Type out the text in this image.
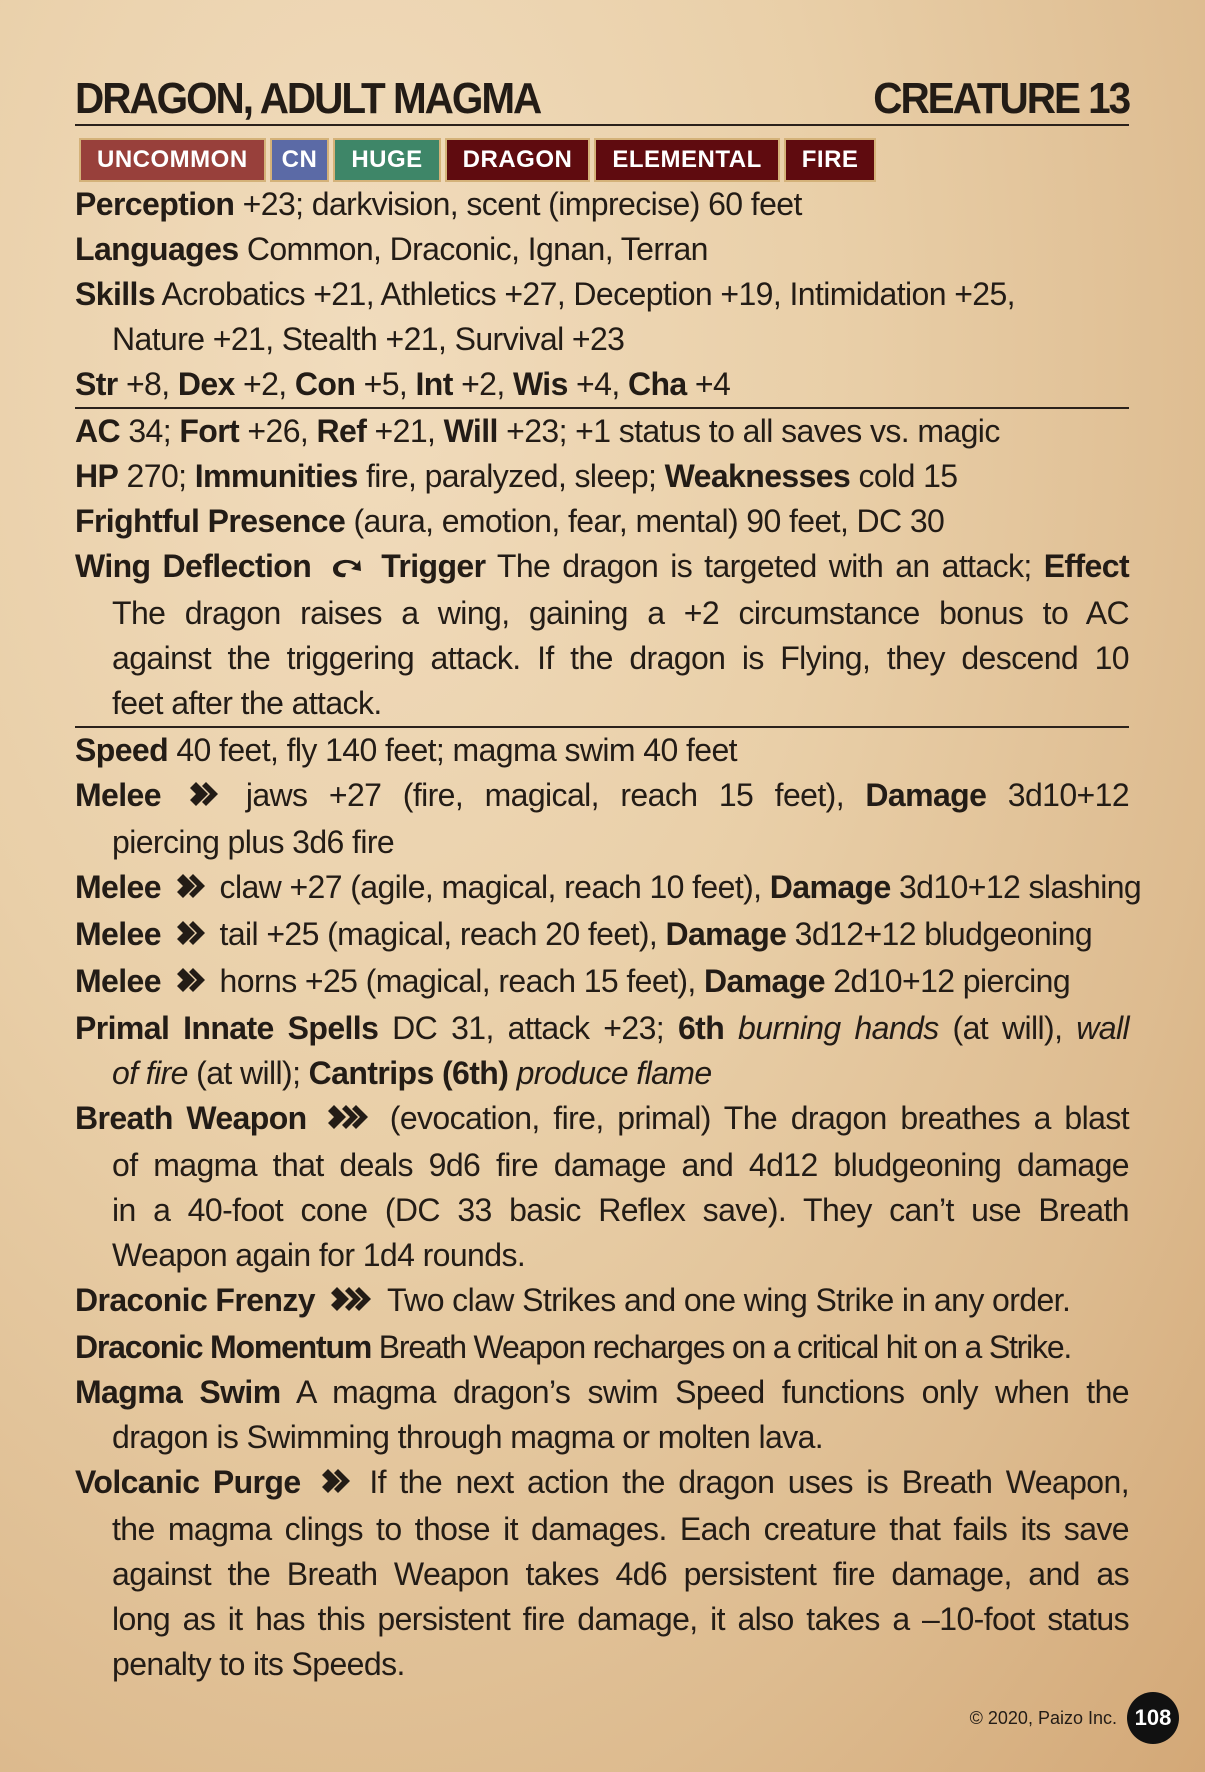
DRAGON, ADULT MAGMA	CREATURE 13
UNCOMMON	CN	HUGE	DRAGON	ELEMENTAL	FIRE
Perception +23; darkvision, scent (imprecise) 60 feet
Languages Common, Draconic, Ignan, Terran
Skills Acrobatics +21, Athletics +27, Deception +19, Intimidation +25,
Nature +21, Stealth +21, Survival +23
Str +8, Dex +2, Con +5, Int +2, Wis +4, Cha +4
AC 34; Fort +26, Ref +21, Will +23; +1 status to all saves vs. magic
HP 270; Immunities fire, paralyzed, sleep; Weaknesses cold 15
Frightful Presence (aura, emotion, fear, mental) 90 feet, DC 30
Wing Deflection Trigger The dragon is targeted with an attack; Effect
The dragon raises a wing, gaining a +2 circumstance bonus to AC
against the triggering attack. If the dragon is Flying, they descend 10
feet after the attack.
Speed 40 feet, fly 140 feet; magma swim 40 feet
Melee	jaws +27 (fire, magical, reach 15 feet), Damage 3d10+12
piercing plus 3d6 fire
Melee  claw +27 (agile, magical, reach 10 feet), Damage 3d10+12 slashing
Melee  tail +25 (magical, reach 20 feet), Damage 3d12+12 bludgeoning
Melee  horns +25 (magical, reach 15 feet), Damage 2d10+12 piercing
Primal Innate Spells DC 31, attack +23; 6th burning hands (at will), wall
of fire (at will); Cantrips (6th) produce flame
Breath Weapon	(evocation, fire, primal) The dragon breathes a blast
of magma that deals 9d6 fire damage and 4d12 bludgeoning damage
in a 40-foot cone (DC 33 basic Reflex save). They can’t use Breath
Weapon again for 1d4 rounds.
Draconic Frenzy  Two claw Strikes and one wing Strike in any order.
Draconic Momentum Breath Weapon recharges on a critical hit on a Strike.
Magma Swim A magma dragon’s swim Speed functions only when the
dragon is Swimming through magma or molten lava.
Volcanic Purge  If the next action the dragon uses is Breath Weapon,
the magma clings to those it damages. Each creature that fails its save
against the Breath Weapon takes 4d6 persistent fire damage, and as
long as it has this persistent fire damage, it also takes a –10-foot status
penalty to its Speeds.
© 2020, Paizo Inc. 108
